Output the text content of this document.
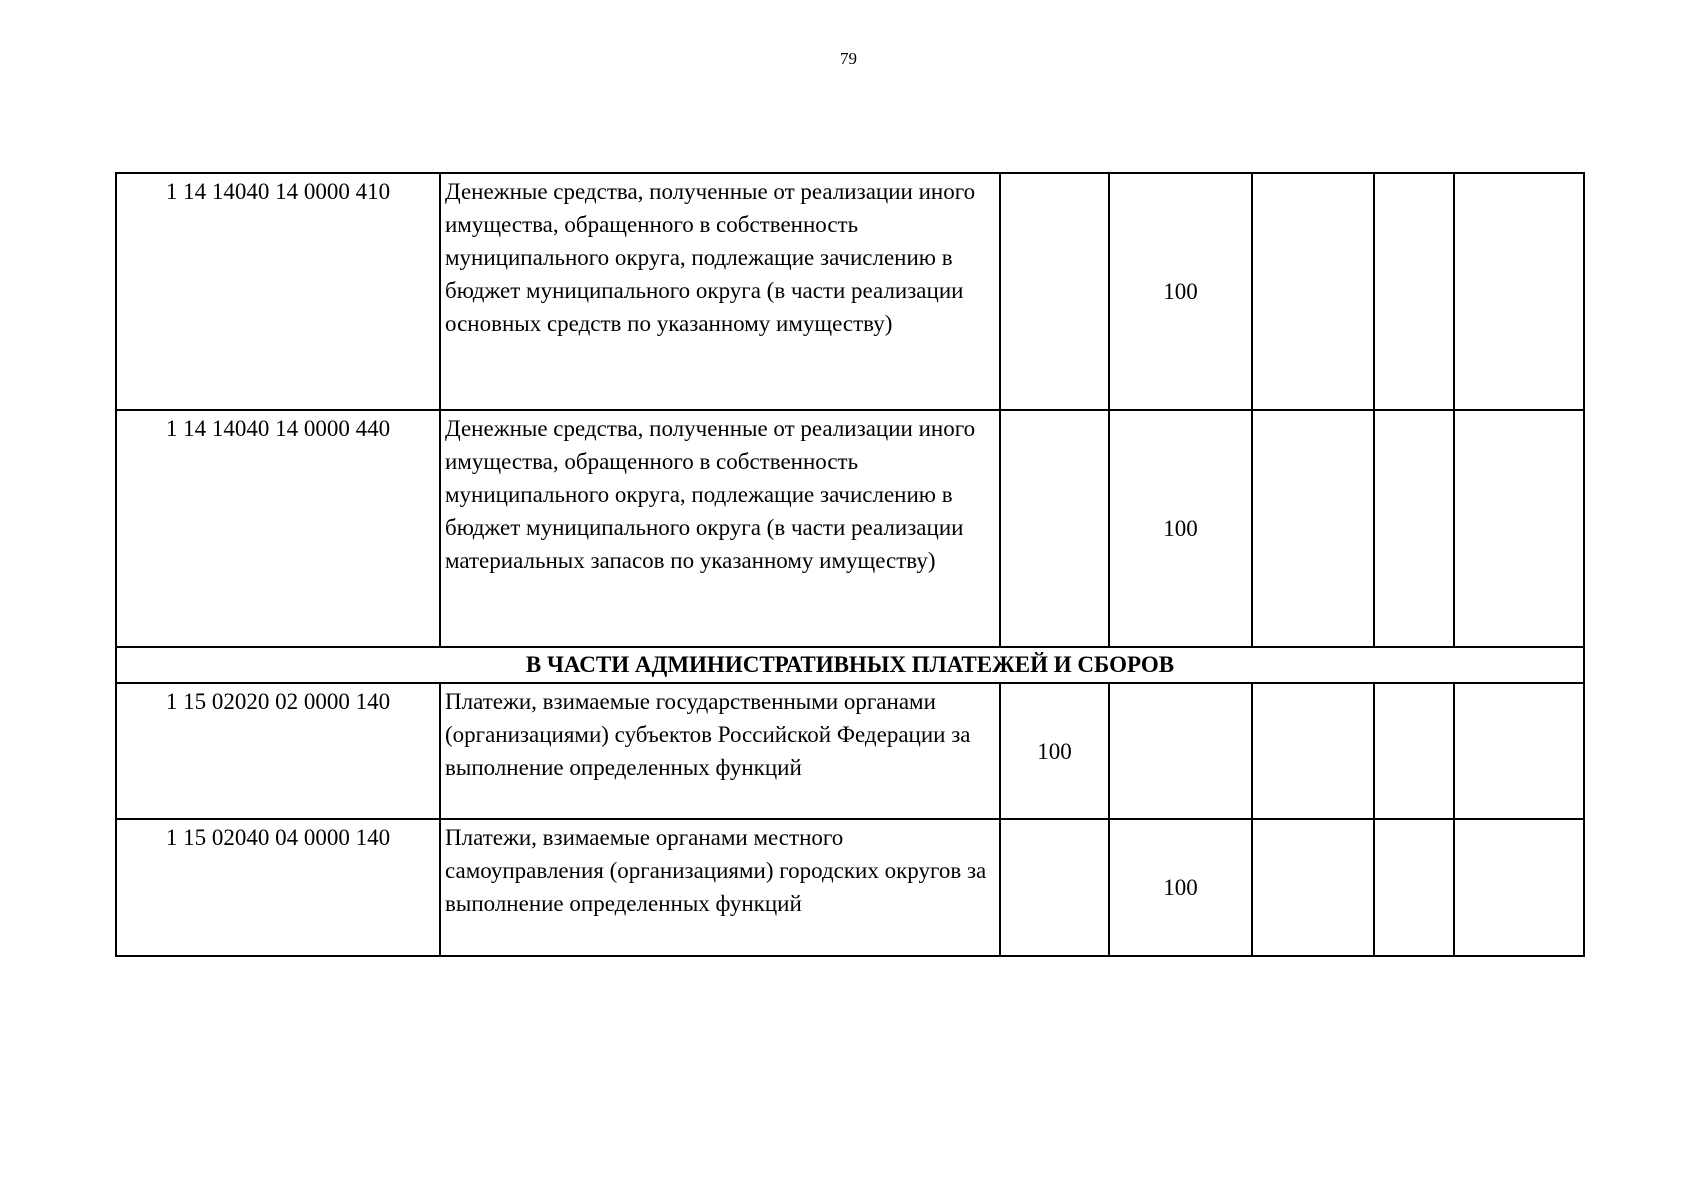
79
1 14 14040 14 0000 410	Денежные средства, полученные от реализации иного имущества, обращенного в собственность муниципального округа, подлежащие зачислению в бюджет муниципального округа (в части реализации основных средств по указанному имуществу)		100			
1 14 14040 14 0000 440	Денежные средства, полученные от реализации иного имущества, обращенного в собственность муниципального округа, подлежащие зачислению в бюджет муниципального округа (в части реализации материальных запасов по указанному имуществу)		100			
В ЧАСТИ АДМИНИСТРАТИВНЫХ ПЛАТЕЖЕЙ И СБОРОВ						
1 15 02020 02 0000 140	Платежи, взимаемые государственными органами (организациями) субъектов Российской Федерации за выполнение определенных функций	100				
1 15 02040 04 0000 140	Платежи, взимаемые органами местного самоуправления (организациями) городских округов за выполнение определенных функций		100			
